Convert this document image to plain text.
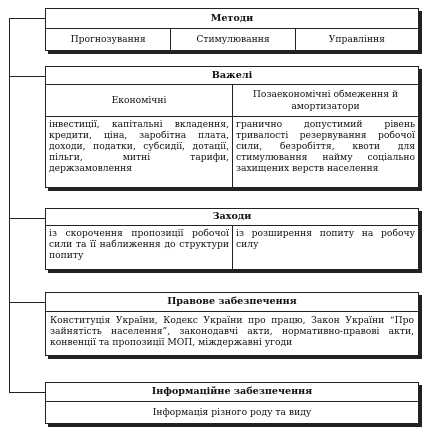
Методи
Прогнозування	Стимулювання	Управління
Важелі
Економічні
Позаекономічні обмеження й амортизатори
інвестиції, капітальні вкладення, кредити, ціна, заробітна плата, доходи, податки, субсидії, дотації, пільги, митні тарифи, держзамовлення
гранично допустимий рівень тривалості резервування робочої сили, безробіття, квоти для стимулювання найму соціально захищених верств населення
Заходи
із скорочення пропозиції робочої сили та її наближення до структури попиту
із розширення попиту на робочу силу
Правове забезпечення
Конституція України, Кодекс України про працю, Закон України “Про зайнятість населення”, законодавчі акти, нормативно-правові акти, конвенції та пропозиції МОП, міждержавні угоди
Інформаційне забезпечення
Інформація різного роду та виду
